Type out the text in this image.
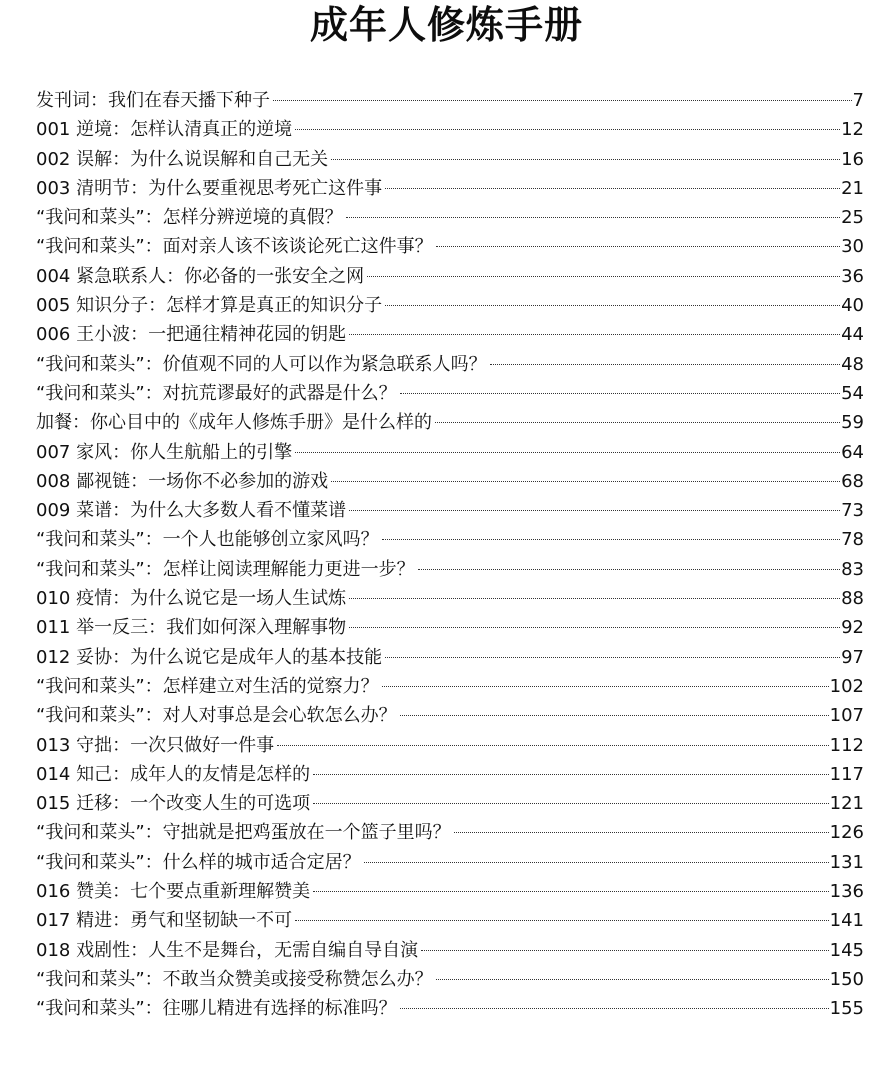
成年人修炼手册
发刊词：我们在春天播下种子	7
001 逆境：怎样认清真正的逆境	12
002 误解：为什么说误解和自己无关	16
003 清明节：为什么要重视思考死亡这件事	21
“我问和菜头”：怎样分辨逆境的真假？	25
“我问和菜头”：面对亲人该不该谈论死亡这件事？	30
004 紧急联系人：你必备的一张安全之网	36
005 知识分子：怎样才算是真正的知识分子	40
006 王小波：一把通往精神花园的钥匙	44
“我问和菜头”：价值观不同的人可以作为紧急联系人吗？	48
“我问和菜头”：对抗荒谬最好的武器是什么？	54
加餐：你心目中的《成年人修炼手册》是什么样的	59
007 家风：你人生航船上的引擎	64
008 鄙视链：一场你不必参加的游戏	68
009 菜谱：为什么大多数人看不懂菜谱	73
“我问和菜头”：一个人也能够创立家风吗？	78
“我问和菜头”：怎样让阅读理解能力更进一步？	83
010 疫情：为什么说它是一场人生试炼	88
011 举一反三：我们如何深入理解事物	92
012 妥协：为什么说它是成年人的基本技能	97
“我问和菜头”：怎样建立对生活的觉察力？	102
“我问和菜头”：对人对事总是会心软怎么办？	107
013 守拙：一次只做好一件事	112
014 知己：成年人的友情是怎样的	117
015 迁移：一个改变人生的可选项	121
“我问和菜头”：守拙就是把鸡蛋放在一个篮子里吗？	126
“我问和菜头”：什么样的城市适合定居？	131
016 赞美：七个要点重新理解赞美	136
017 精进：勇气和坚韧缺一不可	141
018 戏剧性：人生不是舞台，无需自编自导自演	145
“我问和菜头”：不敢当众赞美或接受称赞怎么办？	150
“我问和菜头”：往哪儿精进有选择的标准吗？	155
